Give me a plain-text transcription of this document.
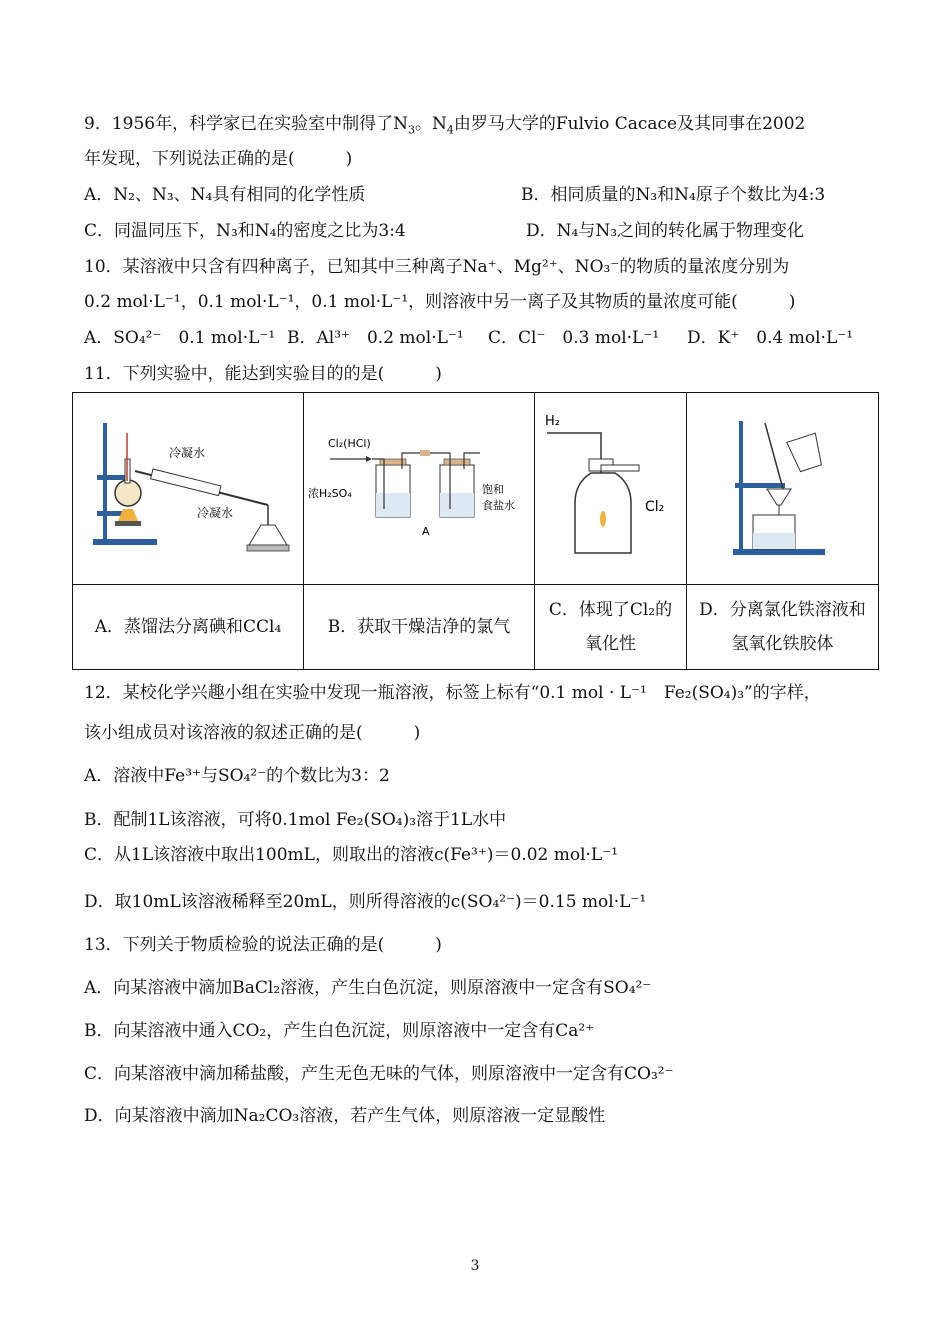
9．1956年，科学家已在实验室中制得了$N_3$。$N_4$由罗马大学的Fulvio Cacace及其同事在2002
年发现，下列说法正确的是(　　　)
A．N₂、N₃、N₄具有相同的化学性质	B．相同质量的N₃和N₄原子个数比为4:3
C．同温同压下，N₃和N₄的密度之比为3:4	D．N₄与N₃之间的转化属于物理变化
10．某溶液中只含有四种离子，已知其中三种离子Na⁺、Mg²⁺、NO₃⁻的物质的量浓度分别为
0.2 mol·L⁻¹，0.1 mol·L⁻¹，0.1 mol·L⁻¹，则溶液中另一离子及其物质的量浓度可能(　　　)
A．SO₄²⁻　0.1 mol·L⁻¹ B．Al³⁺　0.2 mol·L⁻¹ C．Cl⁻　0.3 mol·L⁻¹ D．K⁺　0.4 mol·L⁻¹
11．下列实验中，能达到实验目的的是(　　　)
冷凝水
冷凝水	Cl₂(HCl)
浓H₂SO₄ 饱和
食盐水
A	H₂
Cl₂

A．蒸馏法分离碘和CCl₄	B．获取干燥洁净的氯气	C．体现了Cl₂的氧化性	D．分离氯化铁溶液和氢氧化铁胶体
12．某校化学兴趣小组在实验中发现一瓶溶液，标签上标有“0.1 mol · L⁻¹　Fe₂(SO₄)₃”的字样，
该小组成员对该溶液的叙述正确的是(　　　)
A．溶液中Fe³⁺与SO₄²⁻的个数比为3：2
B．配制1L该溶液，可将0.1mol Fe₂(SO₄)₃溶于1L水中
C．从1L该溶液中取出100mL，则取出的溶液c(Fe³⁺)＝0.02 mol·L⁻¹
D．取10mL该溶液稀释至20mL，则所得溶液的c(SO₄²⁻)＝0.15 mol·L⁻¹
13．下列关于物质检验的说法正确的是(　　　)
A．向某溶液中滴加BaCl₂溶液，产生白色沉淀，则原溶液中一定含有SO₄²⁻
B．向某溶液中通入CO₂，产生白色沉淀，则原溶液中一定含有Ca²⁺
C．向某溶液中滴加稀盐酸，产生无色无味的气体，则原溶液中一定含有CO₃²⁻
D．向某溶液中滴加Na₂CO₃溶液，若产生气体，则原溶液一定显酸性
3
